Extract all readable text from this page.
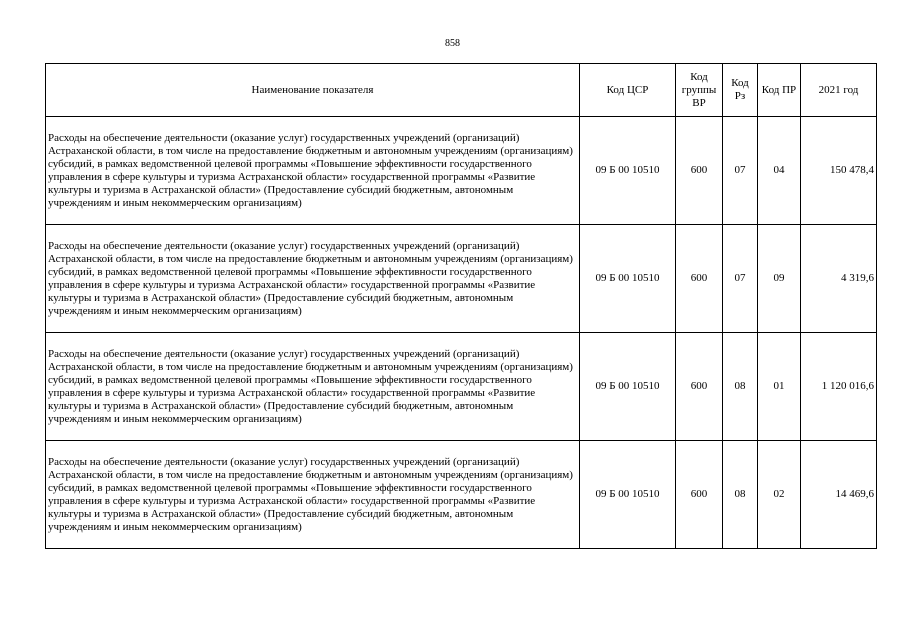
858
Наименование показателя	Код ЦСР	Код группы ВР	Код Рз	Код ПР	2021 год
Расходы на обеспечение деятельности (оказание услуг) государственных учреждений (организаций) Астраханской области, в том числе на предоставление бюджетным и автономным учреждениям (организациям) субсидий, в рамках ведомственной целевой программы «Повышение эффективности государственного управления в сфере культуры и туризма Астраханской области» государственной программы «Развитие культуры и туризма в Астраханской области» (Предоставление субсидий бюджетным, автономным учреждениям и иным некоммерческим организациям)	09 Б 00 10510	600	07	04	150 478,4
Расходы на обеспечение деятельности (оказание услуг) государственных учреждений (организаций) Астраханской области, в том числе на предоставление бюджетным и автономным учреждениям (организациям) субсидий, в рамках ведомственной целевой программы «Повышение эффективности государственного управления в сфере культуры и туризма Астраханской области» государственной программы «Развитие культуры и туризма в Астраханской области» (Предоставление субсидий бюджетным, автономным учреждениям и иным некоммерческим организациям)	09 Б 00 10510	600	07	09	4 319,6
Расходы на обеспечение деятельности (оказание услуг) государственных учреждений (организаций) Астраханской области, в том числе на предоставление бюджетным и автономным учреждениям (организациям) субсидий, в рамках ведомственной целевой программы «Повышение эффективности государственного управления в сфере культуры и туризма Астраханской области» государственной программы «Развитие культуры и туризма в Астраханской области» (Предоставление субсидий бюджетным, автономным учреждениям и иным некоммерческим организациям)	09 Б 00 10510	600	08	01	1 120 016,6
Расходы на обеспечение деятельности (оказание услуг) государственных учреждений (организаций) Астраханской области, в том числе на предоставление бюджетным и автономным учреждениям (организациям) субсидий, в рамках ведомственной целевой программы «Повышение эффективности государственного управления в сфере культуры и туризма Астраханской области» государственной программы «Развитие культуры и туризма в Астраханской области» (Предоставление субсидий бюджетным, автономным учреждениям и иным некоммерческим организациям)	09 Б 00 10510	600	08	02	14 469,6
